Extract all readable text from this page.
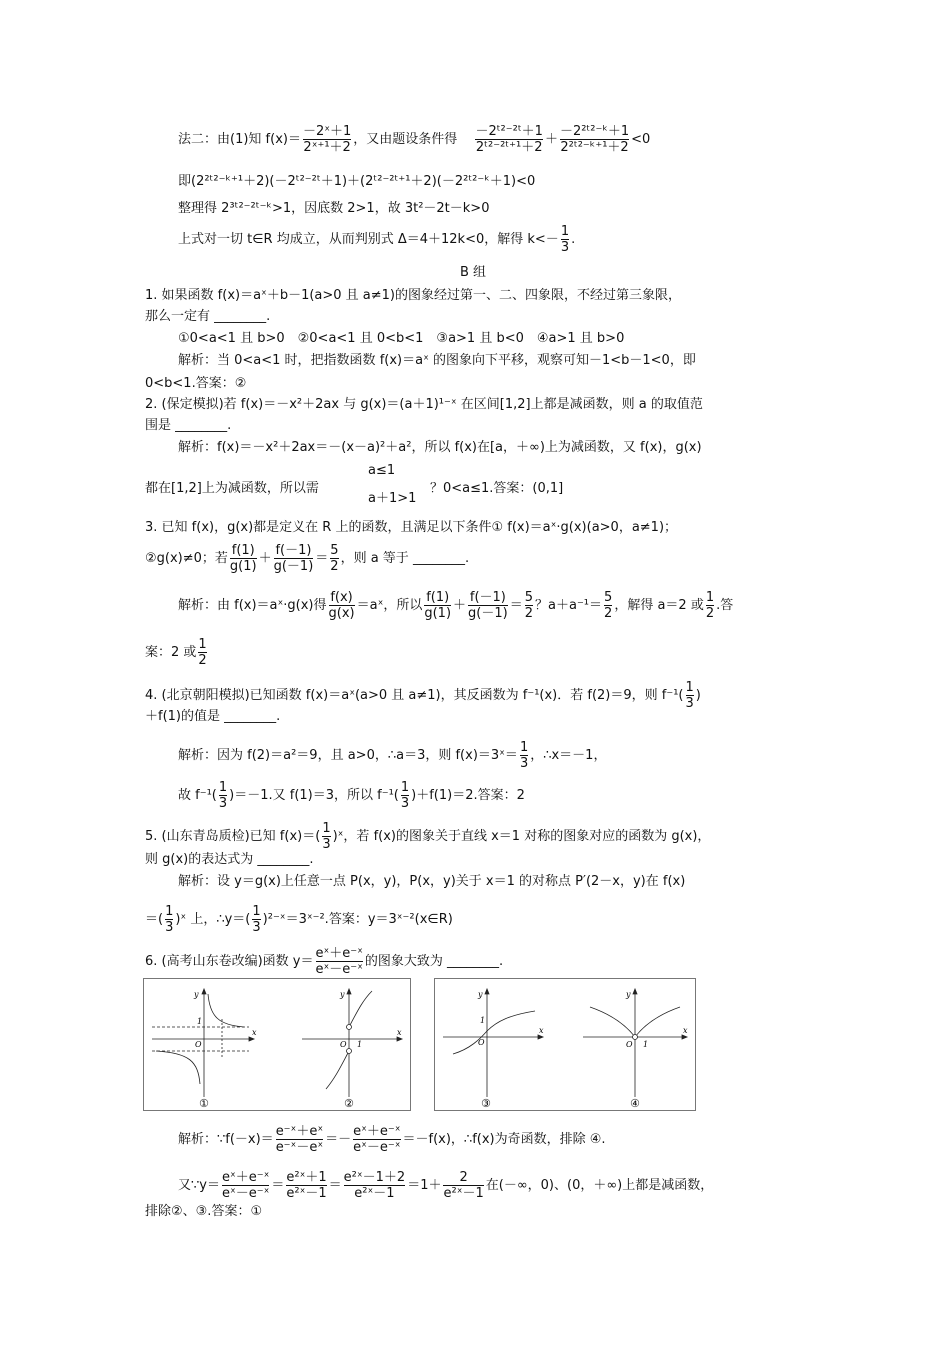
法二：由(1)知 $f(x)= \frac{\text{－2ˣ＋1}}{\text{2ˣ⁺¹＋2}}$ ，又由题设条件得 $\frac{\text{－2ᵗ²⁻²ᵗ＋1}}{\text{2ᵗ²⁻²ᵗ⁺¹＋2}} + \frac{\text{－2²ᵗ²⁻ᵏ＋1}}{\text{2²ᵗ²⁻ᵏ⁺¹＋2}} <0$
即(2²ᵗ²⁻ᵏ⁺¹＋2)(－2ᵗ²⁻²ᵗ＋1)＋(2ᵗ²⁻²ᵗ⁺¹＋2)(－2²ᵗ²⁻ᵏ＋1)<0
整理得 2³ᵗ²⁻²ᵗ⁻ᵏ>1，因底数 2>1，故 3t²－2t－k>0
上式对一切 t∈R 均成立，从而判别式 Δ＝4＋12k<0，解得 $k<- \frac{1}{3}$ .
B 组
1. 如果函数 f(x)＝aˣ＋b－1(a>0 且 a≠1)的图象经过第一、二、四象限，不经过第三象限，
那么一定有 ________.
①0<a<1 且 b>0　②0<a<1 且 0<b<1　③a>1 且 b<0　④a>1 且 b>0
解析：当 0<a<1 时，把指数函数 f(x)＝aˣ 的图象向下平移，观察可知－1<b－1<0，即
0<b<1.答案：②
2. (保定模拟)若 f(x)＝－x²＋2ax 与 g(x)＝(a＋1)¹⁻ˣ 在区间[1,2]上都是减函数，则 a 的取值范
围是 ________.
解析：f(x)＝－x²＋2ax＝－(x－a)²＋a²，所以 f(x)在[a，＋∞)上为减函数，又 f(x)，g(x)
都在[1,2]上为减函数，所以需
a≤1
a＋1>1
？0<a≤1.答案：(0,1]
3. 已知 f(x)，g(x)都是定义在 R 上的函数，且满足以下条件① f(x)＝aˣ·g(x)(a>0，a≠1)；
②g(x)≠0；若 $\frac{f(1)}{g(1)} + \frac{f(-1)}{g(-1)} = \frac{5}{2}$ ，则 a 等于 ________.
解析：由 f(x)＝aˣ·g(x)得 $\frac{f(x)}{g(x)}$ ＝aˣ，所以 $\frac{f(1)}{g(1)} + \frac{f(-1)}{g(-1)} = \frac{5}{2}$ ？$a+a^{-1}= \frac{5}{2}$ ，解得 a＝2 或 $\frac{1}{2}$ .答
案：2 或 $\frac{1}{2}$
4. (北京朝阳模拟)已知函数 f(x)＝aˣ(a>0 且 a≠1)，其反函数为 f⁻¹(x)．若 f(2)＝9，则 $f^{-1}( \frac{1}{3}$ )
＋f(1)的值是 ________.
解析：因为 f(2)＝a²＝9，且 a>0，∴a＝3，则 f(x)＝3ˣ＝ $\frac{1}{3}$ ，∴x＝－1，
故 $f^{-1}( \frac{1}{3} )=-1$.又 f(1)＝3，所以 $f^{-1}( \frac{1}{3} )+f(1)=2$.答案：2
5. (山东青岛质检)已知 $f(x)=( \frac{1}{3}$ )ˣ，若 f(x)的图象关于直线 x＝1 对称的图象对应的函数为 g(x)，
则 g(x)的表达式为 ________.
解析：设 y＝g(x)上任意一点 P(x，y)，P(x，y)关于 x＝1 的对称点 P′(2－x，y)在 f(x)
＝( $\frac{1}{3}$ )ˣ 上，∴y＝( $\frac{1}{3}$ )²⁻ˣ＝3ˣ⁻².答案：y＝3ˣ⁻²(x∈R)
6. (高考山东卷改编)函数 $y= \frac{\text{eˣ＋e⁻ˣ}}{\text{eˣ－e⁻ˣ}}$ 的图象大致为 ________.
y
x
O
1
①
y
x
O 1
②
y
x
O
1
③
y
x
O 1
④
解析：∵f(－x)＝ $\frac{\text{e⁻ˣ＋eˣ}}{\text{e⁻ˣ－eˣ}} =- \frac{\text{eˣ＋e⁻ˣ}}{\text{eˣ－e⁻ˣ}} =-f(x)$，∴f(x)为奇函数，排除 ④.
又∵y＝ $\frac{\text{eˣ＋e⁻ˣ}}{\text{eˣ－e⁻ˣ}} = \frac{\text{e²ˣ＋1}}{\text{e²ˣ－1}} = \frac{\text{e²ˣ－1＋2}}{\text{e²ˣ－1}} =1+ \frac{2}{\text{e²ˣ－1}}$ 在(－∞，0)、(0，＋∞)上都是减函数，
排除②、③.答案：①
